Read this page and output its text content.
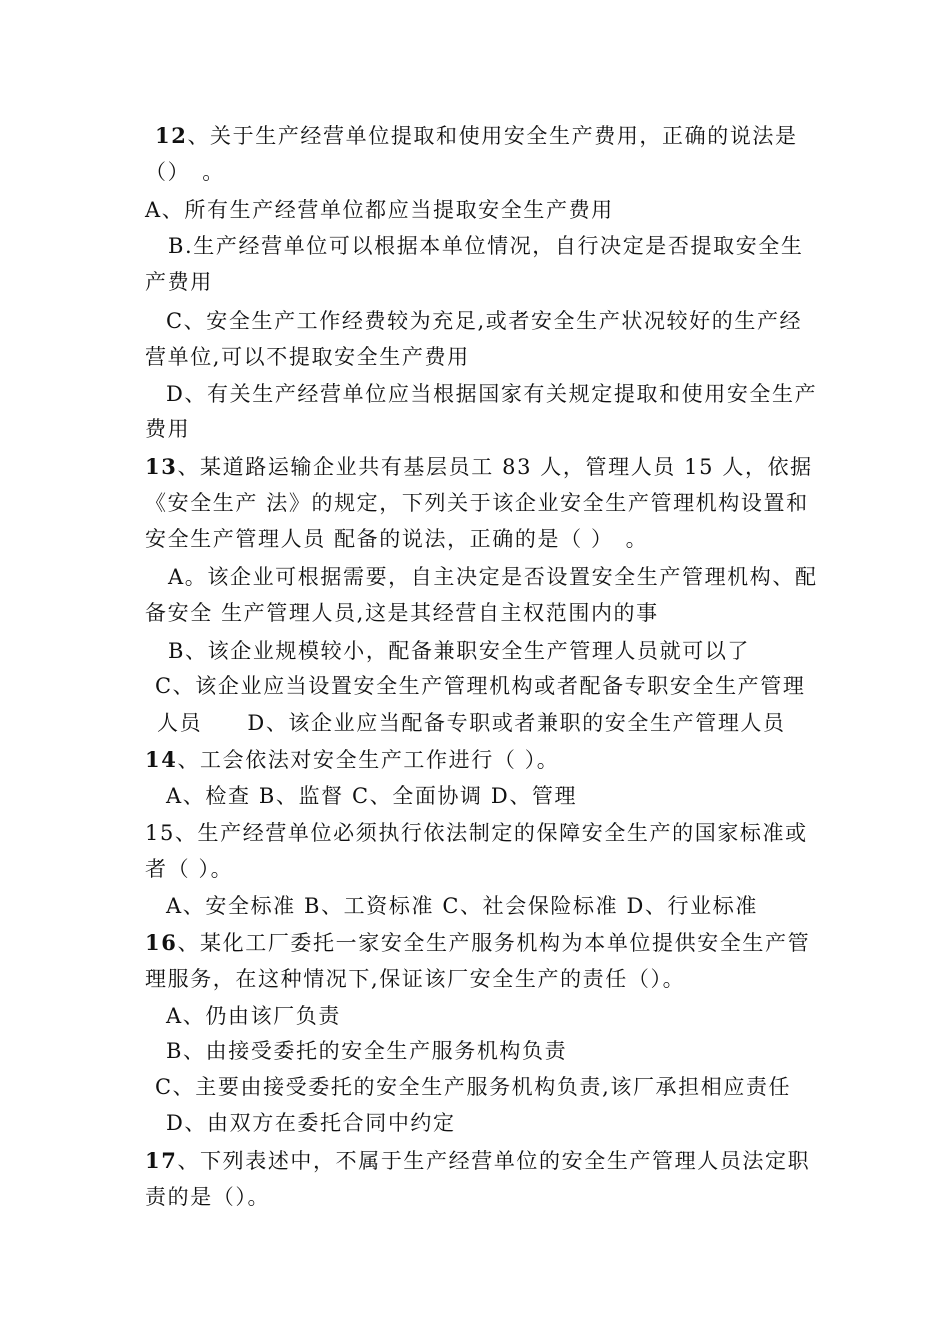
12、关于生产经营单位提取和使用安全生产费用，正确的说法是
（）　。
A、所有生产经营单位都应当提取安全生产费用
B.生产经营单位可以根据本单位情况，自行决定是否提取安全生
产费用
C、安全生产工作经费较为充足,或者安全生产状况较好的生产经
营单位,可以不提取安全生产费用
D、有关生产经营单位应当根据国家有关规定提取和使用安全生产
费用
13、某道路运输企业共有基层员工 83 人，管理人员 15 人，依据
《安全生产 法》的规定，下列关于该企业安全生产管理机构设置和
安全生产管理人员 配备的说法，正确的是（ ）　。
A。该企业可根据需要，自主决定是否设置安全生产管理机构、配
备安全 生产管理人员,这是其经营自主权范围内的事
B、该企业规模较小，配备兼职安全生产管理人员就可以了
C、该企业应当设置安全生产管理机构或者配备专职安全生产管理
人员　　D、该企业应当配备专职或者兼职的安全生产管理人员
14、工会依法对安全生产工作进行（ ）。
A、检查 B、监督 C、全面协调 D、管理
15、生产经营单位必须执行依法制定的保障安全生产的国家标准或
者（ ）。
A、安全标准 B、工资标准 C、社会保险标准 D、行业标准
16、某化工厂委托一家安全生产服务机构为本单位提供安全生产管
理服务，在这种情况下,保证该厂安全生产的责任（）。
A、仍由该厂负责
B、由接受委托的安全生产服务机构负责
C、主要由接受委托的安全生产服务机构负责,该厂承担相应责任
D、由双方在委托合同中约定
17、下列表述中，不属于生产经营单位的安全生产管理人员法定职
责的是（）。
